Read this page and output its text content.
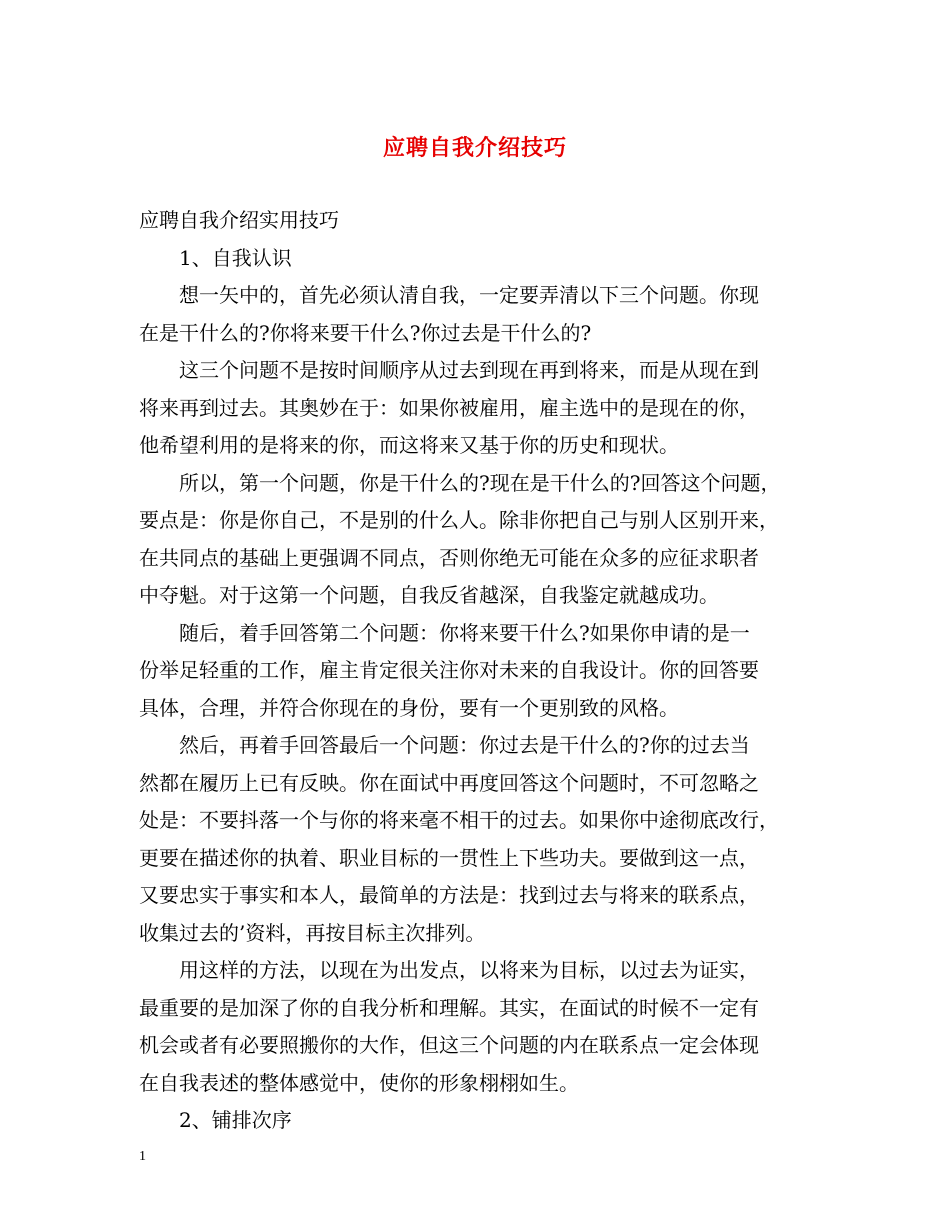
应聘自我介绍技巧

应聘自我介绍实用技巧

1、自我认识

想一矢中的，首先必须认清自我，一定要弄清以下三个问题。你现

在是干什么的?你将来要干什么?你过去是干什么的?

这三个问题不是按时间顺序从过去到现在再到将来，而是从现在到

将来再到过去。其奥妙在于：如果你被雇用，雇主选中的是现在的你，

他希望利用的是将来的你，而这将来又基于你的历史和现状。

所以，第一个问题，你是干什么的?现在是干什么的?回答这个问题，

要点是：你是你自己，不是别的什么人。除非你把自己与别人区别开来，

在共同点的基础上更强调不同点，否则你绝无可能在众多的应征求职者

中夺魁。对于这第一个问题，自我反省越深，自我鉴定就越成功。

随后，着手回答第二个问题：你将来要干什么?如果你申请的是一

份举足轻重的工作，雇主肯定很关注你对未来的自我设计。你的回答要

具体，合理，并符合你现在的身份，要有一个更别致的风格。

然后，再着手回答最后一个问题：你过去是干什么的?你的过去当

然都在履历上已有反映。你在面试中再度回答这个问题时，不可忽略之

处是：不要抖落一个与你的将来毫不相干的过去。如果你中途彻底改行，

更要在描述你的执着、职业目标的一贯性上下些功夫。要做到这一点，

又要忠实于事实和本人，最简单的方法是：找到过去与将来的联系点，

收集过去的’资料，再按目标主次排列。

用这样的方法，以现在为出发点，以将来为目标，以过去为证实，

最重要的是加深了你的自我分析和理解。其实，在面试的时候不一定有

机会或者有必要照搬你的大作，但这三个问题的内在联系点一定会体现

在自我表述的整体感觉中，使你的形象栩栩如生。

2、铺排次序

1
